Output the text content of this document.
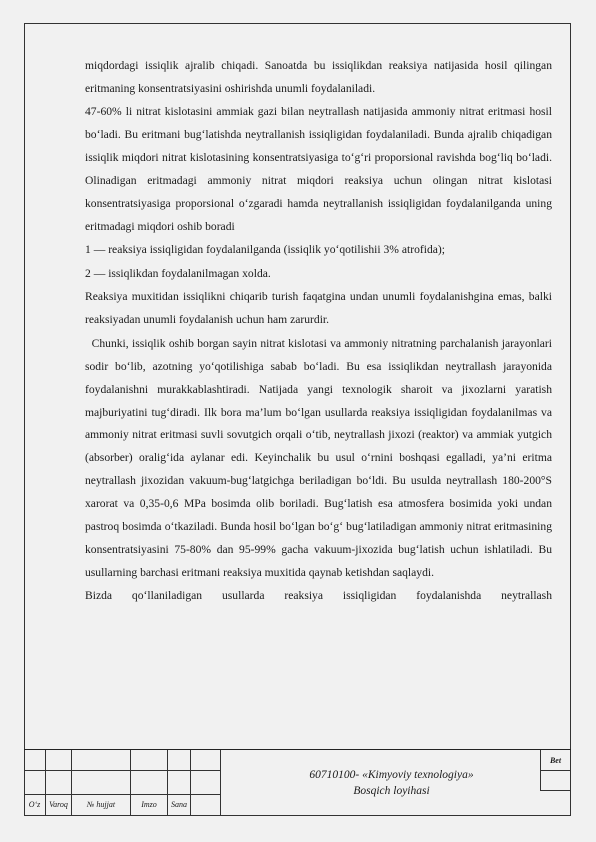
miqdordagi issiqlik ajralib chiqadi. Sanoatda bu issiqlikdan reaksiya natijasida hosil qilingan eritmaning konsentratsiyasini oshirishda unumli foydalaniladi.

47-60% li nitrat kislotasini ammiak gazi bilan neytrallash natijasida ammoniy nitrat eritmasi hosil bo‘ladi. Bu eritmani bug‘latishda neytrallanish issiqligidan foydalaniladi. Bunda ajralib chiqadigan issiqlik miqdori nitrat kislotasining konsentratsiyasiga to‘g‘ri proporsional ravishda bog‘liq bo‘ladi. Olinadigan eritmadagi ammoniy nitrat miqdori reaksiya uchun olingan nitrat kislotasi konsentratsiyasiga proporsional o‘zgaradi hamda neytrallanish issiqligidan foydalanilganda uning eritmadagi miqdori oshib boradi

1 — reaksiya issiqligidan foydalanilganda (issiqlik yo‘qotilishii 3% atrofida);

2 — issiqlikdan foydalanilmagan xolda.

Reaksiya muxitidan issiqlikni chiqarib turish faqatgina undan unumli foydalanishgina emas, balki reaksiyadan unumli foydalanish uchun ham zarurdir.

Chunki, issiqlik oshib borgan sayin nitrat kislotasi va ammoniy nitratning parchalanish jarayonlari sodir bo‘lib, azotning yo‘qotilishiga sabab bo‘ladi. Bu esa issiqlikdan neytrallash jarayonida foydalanishni murakkablashtiradi. Natijada yangi texnologik sharoit va jixozlarni yaratish majburiyatini tug‘diradi. Ilk bora ma’lum bo‘lgan usullarda reaksiya issiqligidan foydalanilmas va  ammoniy nitrat eritmasi suvli sovutgich orqali o‘tib, neytrallash jixozi (reaktor) va ammiak yutgich (absorber) oralig‘ida aylanar edi. Keyinchalik bu usul o‘rnini boshqasi egalladi, ya’ni eritma neytrallash jixozidan vakuum-bug‘latgichga beriladigan bo‘ldi. Bu usulda neytrallash 180-200°S xarorat va 0,35-0,6 MPa bosimda olib boriladi. Bug‘latish esa atmosfera bosimida yoki undan pastroq bosimda o‘tkaziladi. Bunda hosil bo‘lgan bo‘g‘ bug‘latiladigan ammoniy nitrat eritmasining konsentratsiyasini 75-80% dan 95-99% gacha vakuum-jixozida bug‘latish uchun ishlatiladi. Bu usullarning barchasi eritmani reaksiya muxitida qaynab ketishdan saqlaydi.

Bizda qo‘llaniladigan usullarda reaksiya issiqligidan foydalanishda neytrallash

O‘z	Varoq	№ hujjat	Imzo	Sana
60710100- «Kimyoviy texnologiya»
Bosqich loyihasi
Bet
